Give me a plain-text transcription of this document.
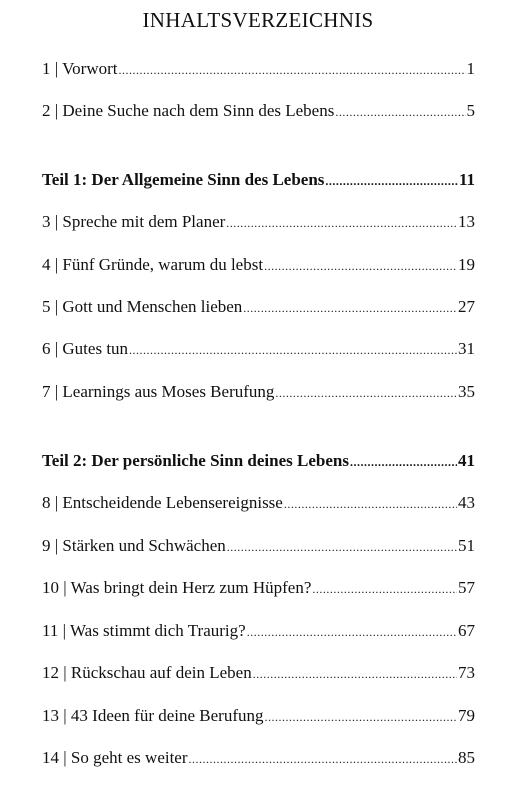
INHALTSVERZEICHNIS
1 | Vorwort .....	1
2 | Deine Suche nach dem Sinn des Lebens .....	5
Teil 1: Der Allgemeine Sinn des Lebens .....	11
3 | Spreche mit dem Planer .....	13
4 | Fünf Gründe, warum du lebst .....	19
5 | Gott und Menschen lieben .....	27
6 | Gutes tun .....	31
7 | Learnings aus Moses Berufung .....	35
Teil 2: Der persönliche Sinn deines Lebens .....	41
8 | Entscheidende Lebensereignisse .....	43
9 | Stärken und Schwächen .....	51
10 | Was bringt dein Herz zum Hüpfen? .....	57
11 | Was stimmt dich Traurig? .....	67
12 | Rückschau auf dein Leben .....	73
13 | 43 Ideen für deine Berufung .....	79
14 | So geht es weiter .....	85
